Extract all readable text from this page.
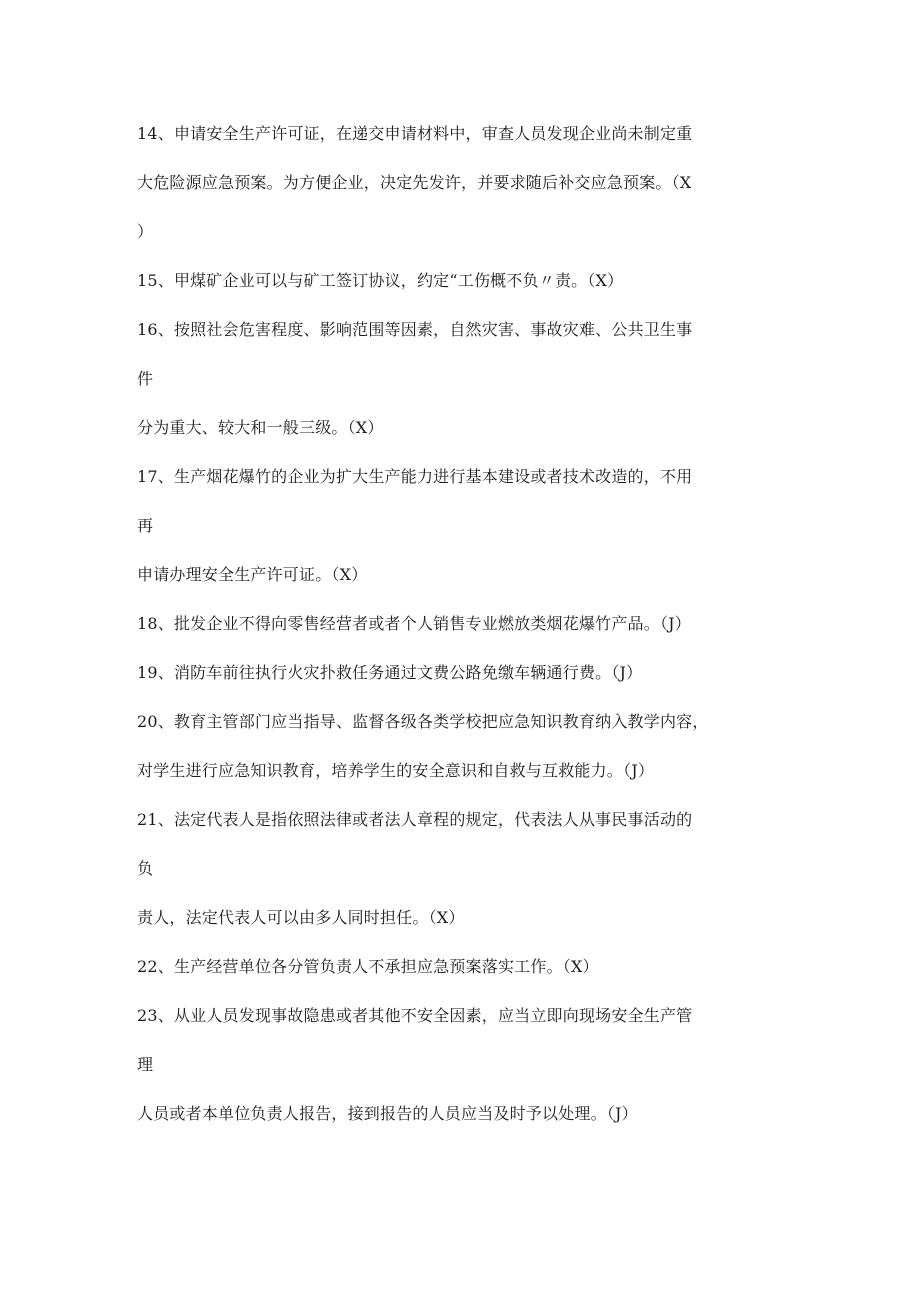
14、申请安全生产许可证，在递交申请材料中，审查人员发现企业尚未制定重
大危险源应急预案。为方便企业，决定先发许，并要求随后补交应急预案。（X
）
15、甲煤矿企业可以与矿工签订协议，约定“工伤概不负〃责。（X）
16、按照社会危害程度、影响范围等因素，自然灾害、事故灾难、公共卫生事
件
分为重大、较大和一般三级。（X）
17、生产烟花爆竹的企业为扩大生产能力进行基本建设或者技术改造的，不用
再
申请办理安全生产许可证。（X）
18、批发企业不得向零售经营者或者个人销售专业燃放类烟花爆竹产品。（J）
19、消防车前往执行火灾扑救任务通过文费公路免缴车辆通行费。（J）
20、教育主管部门应当指导、监督各级各类学校把应急知识教育纳入教学内容，
对学生进行应急知识教育，培养学生的安全意识和自救与互救能力。（J）
21、法定代表人是指依照法律或者法人章程的规定，代表法人从事民事活动的
负
责人，法定代表人可以由多人同时担任。（X）
22、生产经营单位各分管负责人不承担应急预案落实工作。（X）
23、从业人员发现事故隐患或者其他不安全因素，应当立即向现场安全生产管
理
人员或者本单位负责人报告，接到报告的人员应当及时予以处理。（J）
